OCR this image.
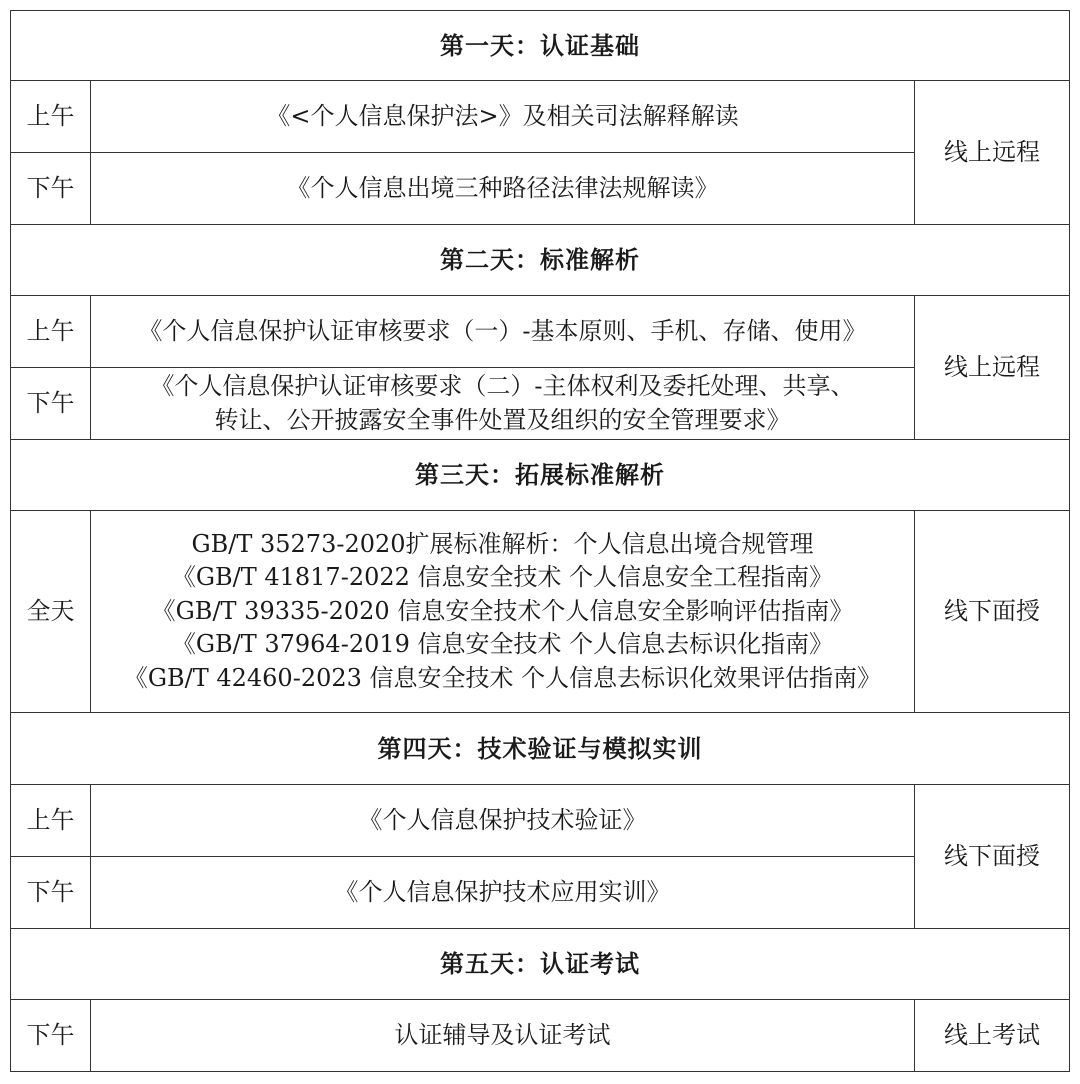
第一天：认证基础		
上午	《<个人信息保护法>》及相关司法解释解读	线上远程
下午	《个人信息出境三种路径法律法规解读》	
第二天：标准解析		
上午	《个人信息保护认证审核要求（一）-基本原则、手机、存储、使用》	线上远程
下午	《个人信息保护认证审核要求（二）-主体权利及委托处理、共享、
转让、公开披露安全事件处置及组织的安全管理要求》	

第三天：拓展标准解析		
全天	GB/T 35273-2020扩展标准解析：个人信息出境合规管理
《GB/T 41817-2022 信息安全技术 个人信息安全工程指南》
《GB/T 39335-2020 信息安全技术个人信息安全影响评估指南》
《GB/T 37964-2019 信息安全技术 个人信息去标识化指南》
《GB/T 42460-2023 信息安全技术 个人信息去标识化效果评估指南》	线下面授
第四天：技术验证与模拟实训		
上午	《个人信息保护技术验证》	线下面授
下午	《个人信息保护技术应用实训》	
第五天：认证考试		
下午	认证辅导及认证考试	线上考试
